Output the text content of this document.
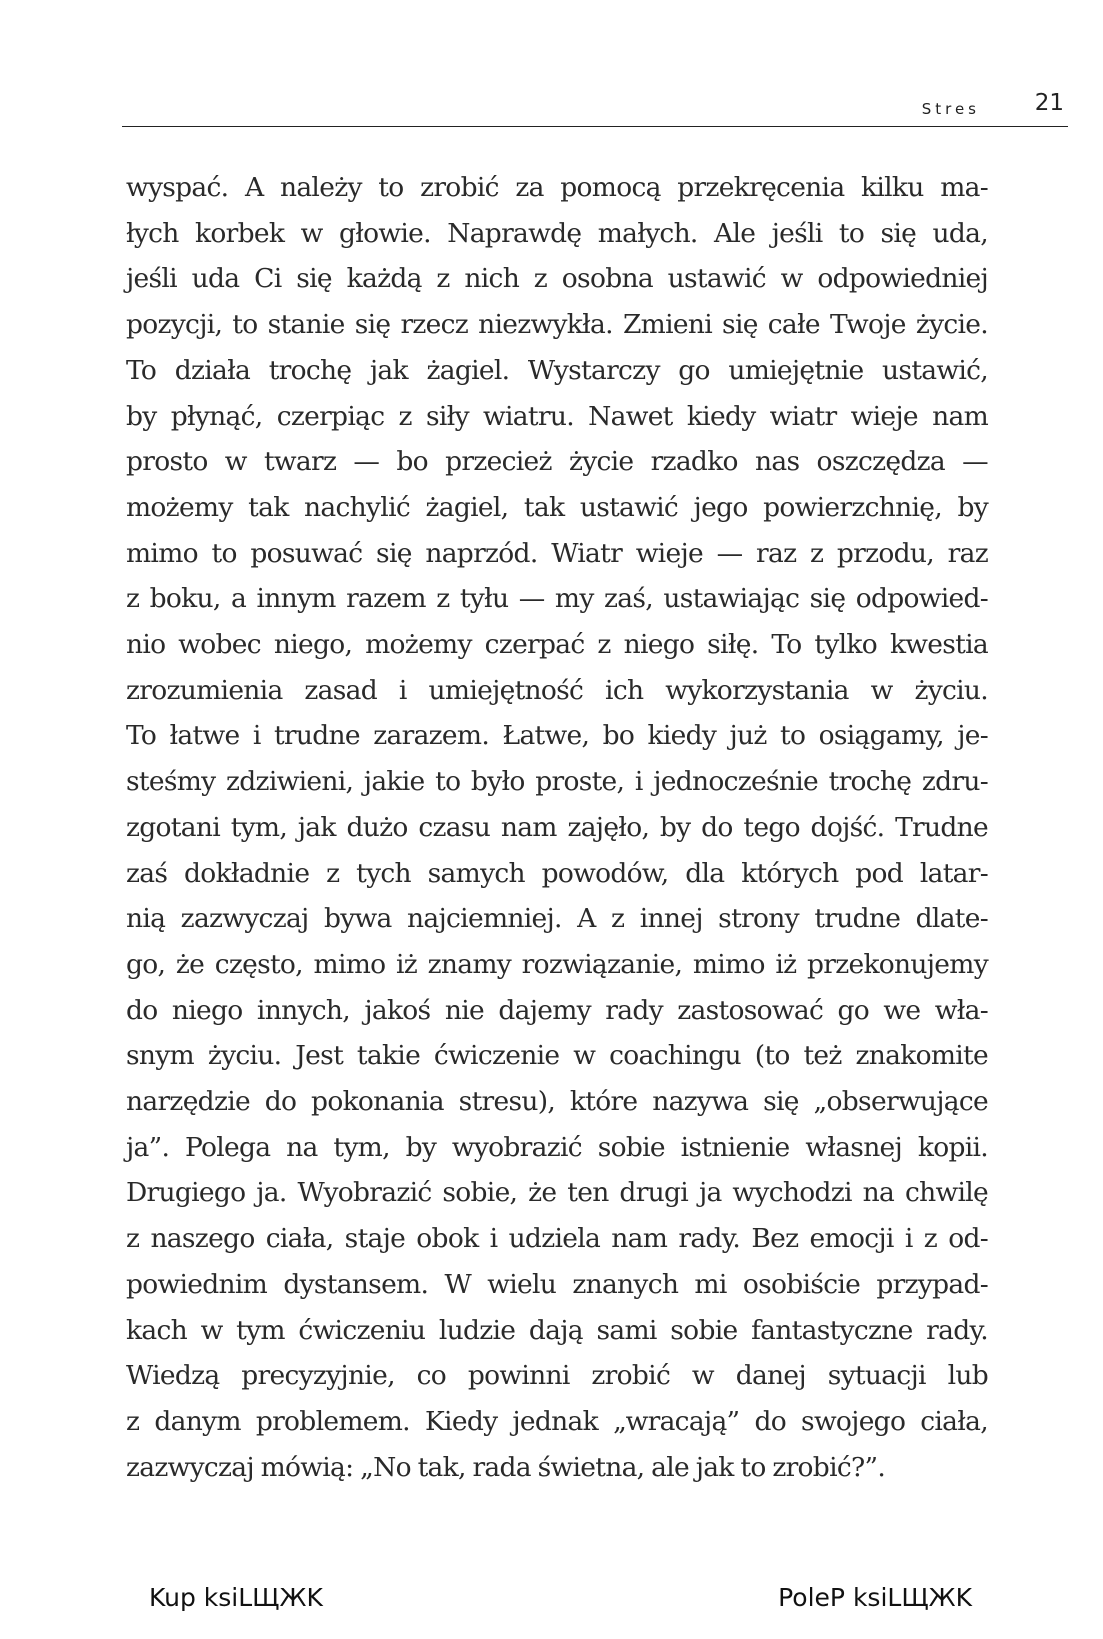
Stres 21
wyspać. A należy to zrobić za pomocą przekręcenia kilku ma-
łych korbek w głowie. Naprawdę małych. Ale jeśli to się uda,
jeśli uda Ci się każdą z nich z osobna ustawić w odpowiedniej
pozycji, to stanie się rzecz niezwykła. Zmieni się całe Twoje życie.
To działa trochę jak żagiel. Wystarczy go umiejętnie ustawić,
by płynąć, czerpiąc z siły wiatru. Nawet kiedy wiatr wieje nam
prosto w twarz — bo przecież życie rzadko nas oszczędza —
możemy tak nachylić żagiel, tak ustawić jego powierzchnię, by
mimo to posuwać się naprzód. Wiatr wieje — raz z przodu, raz
z boku, a innym razem z tyłu — my zaś, ustawiając się odpowied-
nio wobec niego, możemy czerpać z niego siłę. To tylko kwestia
zrozumienia zasad i umiejętność ich wykorzystania w życiu.
To łatwe i trudne zarazem. Łatwe, bo kiedy już to osiągamy, je-
steśmy zdziwieni, jakie to było proste, i jednocześnie trochę zdru-
zgotani tym, jak dużo czasu nam zajęło, by do tego dojść. Trudne
zaś dokładnie z tych samych powodów, dla których pod latar-
nią zazwyczaj bywa najciemniej. A z innej strony trudne dlate-
go, że często, mimo iż znamy rozwiązanie, mimo iż przekonujemy
do niego innych, jakoś nie dajemy rady zastosować go we wła-
snym życiu. Jest takie ćwiczenie w coachingu (to też znakomite
narzędzie do pokonania stresu), które nazywa się „obserwujące
ja”. Polega na tym, by wyobrazić sobie istnienie własnej kopii.
Drugiego ja. Wyobrazić sobie, że ten drugi ja wychodzi na chwilę
z naszego ciała, staje obok i udziela nam rady. Bez emocji i z od-
powiednim dystansem. W wielu znanych mi osobiście przypad-
kach w tym ćwiczeniu ludzie dają sami sobie fantastyczne rady.
Wiedzą precyzyjnie, co powinni zrobić w danej sytuacji lub
z danym problemem. Kiedy jednak „wracają” do swojego ciała,
zazwyczaj mówią: „No tak, rada świetna, ale jak to zrobić?”.
Kup ksiLЩЖK	PoleP ksiLЩЖK
